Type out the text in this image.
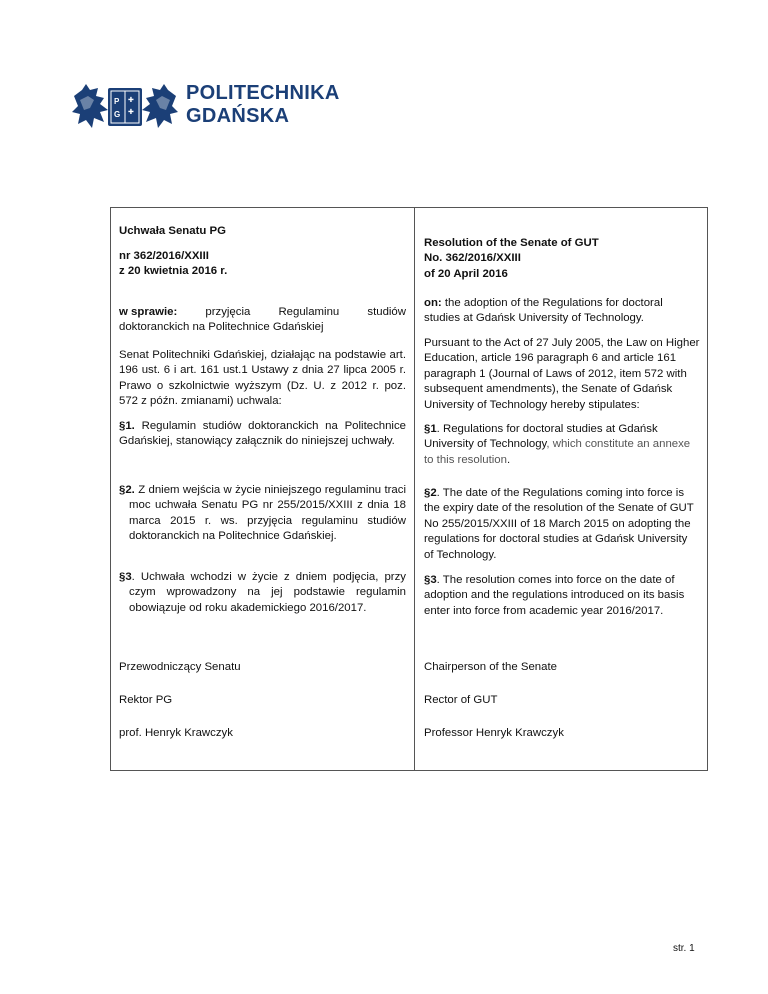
P
G
✚
✚
POLITECHNIKA
GDAŃSKA

Uchwała Senatu PG

nr 362/2016/XXIII
z 20 kwietnia 2016 r.
w sprawie: przyjęcia Regulaminu studiów
doktoranckich na Politechnice Gdańskiej

Senat Politechniki Gdańskiej, działając na podstawie art. 196 ust. 6 i art. 161 ust.1 Ustawy z dnia 27 lipca 2005 r. Prawo o szkolnictwie wyższym (Dz. U. z 2012 r. poz. 572 z późn. zmianami) uchwala:

§1. Regulamin studiów doktoranckich na Politechnice Gdańskiej, stanowiący załącznik do niniejszej uchwały.

§2. Z dniem wejścia w życie niniejszego regulaminu traci moc uchwała Senatu PG nr 255/2015/XXIII z dnia 18 marca 2015 r. ws. przyjęcia regulaminu studiów doktoranckich na Politechnice Gdańskiej.

§3. Uchwała wchodzi w życie z dniem podjęcia, przy czym wprowadzony na jej podstawie regulamin obowiązuje od roku akademickiego 2016/2017.

Przewodniczący Senatu

Rektor PG

prof. Henryk Krawczyk

Resolution of the Senate of GUT
No. 362/2016/XXIII
of 20 April 2016

on: the adoption of the Regulations for doctoral studies at Gdańsk University of Technology.

Pursuant to the Act of 27 July 2005, the Law on Higher Education, article 196 paragraph 6 and article 161 paragraph 1 (Journal of Laws of 2012, item 572 with subsequent amendments), the Senate of Gdańsk University of Technology hereby stipulates:

§1. Regulations for doctoral studies at Gdańsk University of Technology, which constitute an annexe to this resolution.

§2. The date of the Regulations coming into force is the expiry date of the resolution of the Senate of GUT No 255/2015/XXIII of 18 March 2015 on adopting the regulations for doctoral studies at Gdańsk University of Technology.

§3. The resolution comes into force on the date of adoption and the regulations introduced on its basis enter into force from academic year 2016/2017.

Chairperson of the Senate

Rector of GUT

Professor Henryk Krawczyk

str. 1
